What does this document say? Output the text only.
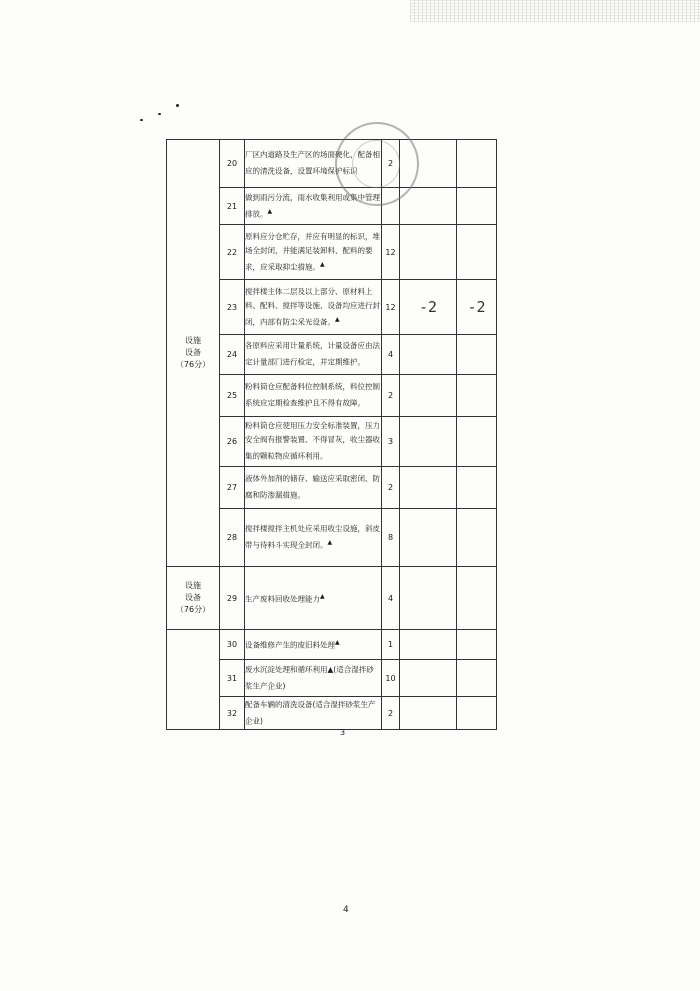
设施
设备
（76分）	20	厂区内道路及生产区的场面硬化，配备相应的清洗设备，设置环境保护标识	2		
	21	做到雨污分流，雨水收集利用或集中管理排放。▲			
	22	原料应分仓贮存，并应有明显的标识，堆场全封闭，并能满足装卸料、配料的要求，应采取抑尘措施。▲	12		
	23	搅拌楼主体二层及以上部分、原材料上料、配料、搅拌等设施、设备均应进行封闭，内部有防尘采光设备。▲	12	-2	-2
	24	各原料应采用计量系统，计量设备应由法定计量部门进行检定，并定期维护。	4		
	25	粉料筒仓应配备料位控制系统，料位控制系统应定期检查维护且不得有故障。	2		
	26	粉料筒仓应使用压力安全标准装置，压力安全阀有报警装置、不得冒灰，收尘器收集的颗粒物应循环利用。	3		
	27	液体外加剂的储存、输送应采取密闭、防腐和防渗漏措施。	2		
	28	搅拌楼搅拌主机处应采用收尘设施，斜皮带与待料斗实现全封闭。▲	8		

设施
设备
（76分）	29	生产废料回收处理能力▲	4		
	30	设备维修产生的废旧料处理▲	1		
	31	废水沉淀处理和循环利用▲(适合湿拌砂浆生产企业)	10		
	32	配备车辆的清洗设备(适合湿拌砂浆生产企业)	2		
3
4
